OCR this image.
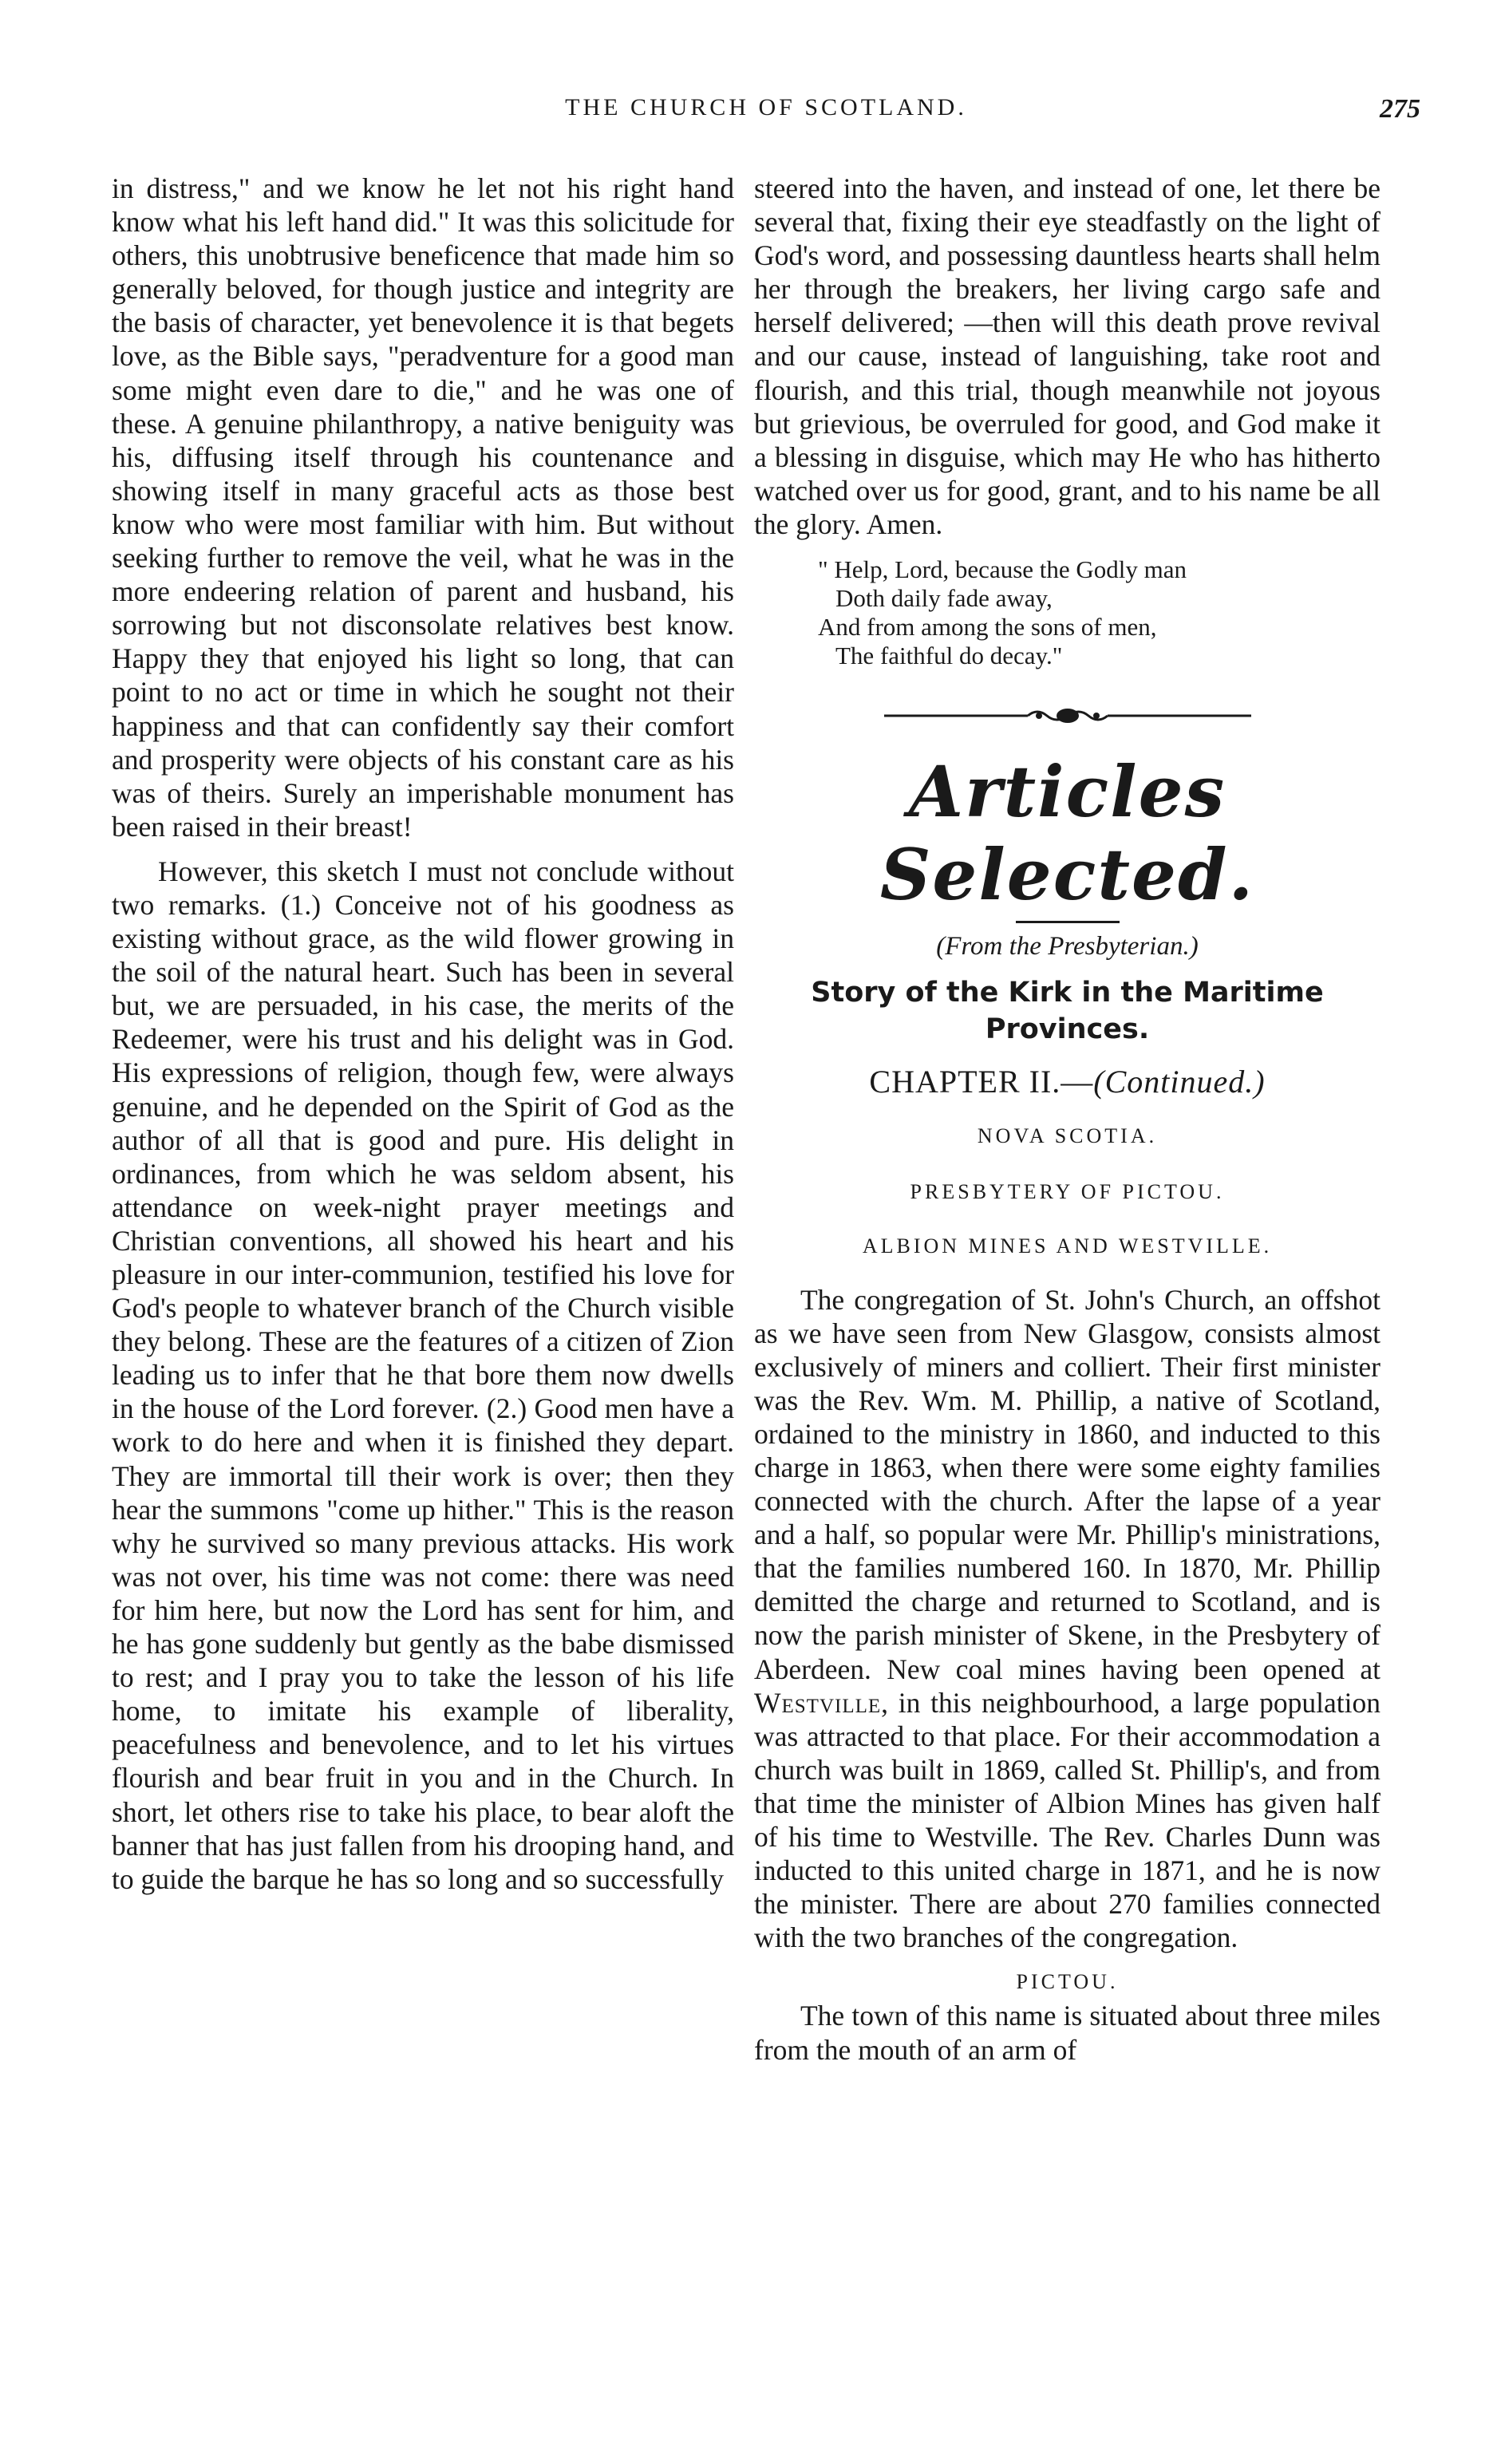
THE CHURCH OF SCOTLAND.	275

in distress," and we know he let not his right hand know what his left hand did." It was this solicitude for others, this unobtrusive beneficence that made him so generally beloved, for though justice and integrity are the basis of character, yet benevolence it is that begets love, as the Bible says, "peradventure for a good man some might even dare to die," and he was one of these. A genuine philanthropy, a native beniguity was his, diffusing itself through his countenance and showing itself in many graceful acts as those best know who were most familiar with him. But without seeking further to remove the veil, what he was in the more endeering relation of parent and husband, his sorrowing but not disconsolate relatives best know. Happy they that enjoyed his light so long, that can point to no act or time in which he sought not their happiness and that can confidently say their comfort and prosperity were objects of his constant care as his was of theirs. Surely an imperishable monument has been raised in their breast!

However, this sketch I must not conclude without two remarks. (1.) Conceive not of his goodness as existing without grace, as the wild flower growing in the soil of the natural heart. Such has been in several but, we are persuaded, in his case, the merits of the Redeemer, were his trust and his delight was in God. His expressions of religion, though few, were always genuine, and he depended on the Spirit of God as the author of all that is good and pure. His delight in ordinances, from which he was seldom absent, his attendance on week-night prayer meetings and Christian conventions, all showed his heart and his pleasure in our inter-communion, testified his love for God's people to whatever branch of the Church visible they belong. These are the features of a citizen of Zion leading us to infer that he that bore them now dwells in the house of the Lord forever. (2.) Good men have a work to do here and when it is finished they depart. They are immortal till their work is over; then they hear the summons "come up hither." This is the reason why he survived so many previous attacks. His work was not over, his time was not come: there was need for him here, but now the Lord has sent for him, and he has gone suddenly but gently as the babe dismissed to rest; and I pray you to take the lesson of his life home, to imitate his example of liberality, peacefulness and benevolence, and to let his virtues flourish and bear fruit in you and in the Church. In short, let others rise to take his place, to bear aloft the banner that has just fallen from his drooping hand, and to guide the barque he has so long and so successfully

steered into the haven, and instead of one, let there be several that, fixing their eye steadfastly on the light of God's word, and possessing dauntless hearts shall helm her through the breakers, her living cargo safe and herself delivered; —then will this death prove revival and our cause, instead of languishing, take root and flourish, and this trial, though meanwhile not joyous but grievious, be overruled for good, and God make it a blessing in disguise, which may He who has hitherto watched over us for good, grant, and to his name be all the glory. Amen.

" Help, Lord, because the Godly man
Doth daily fade away,
And from among the sons of men,
The faithful do decay."
Articles Selected.
(From the Presbyterian.)
Story of the Kirk in the Maritime
Provinces.
CHAPTER II.—(Continued.)
NOVA SCOTIA.
PRESBYTERY OF PICTOU.
ALBION MINES AND WESTVILLE.

The congregation of St. John's Church, an offshot as we have seen from New Glasgow, consists almost exclusively of miners and colliert. Their first minister was the Rev. Wm. M. Phillip, a native of Scotland, ordained to the ministry in 1860, and inducted to this charge in 1863, when there were some eighty families connected with the church. After the lapse of a year and a half, so popular were Mr. Phillip's ministrations, that the families numbered 160. In 1870, Mr. Phillip demitted the charge and returned to Scotland, and is now the parish minister of Skene, in the Presbytery of Aberdeen. New coal mines having been opened at Westville, in this neighbourhood, a large population was attracted to that place. For their accommodation a church was built in 1869, called St. Phillip's, and from that time the minister of Albion Mines has given half of his time to Westville. The Rev. Charles Dunn was inducted to this united charge in 1871, and he is now the minister. There are about 270 families connected with the two branches of the congregation.

PICTOU.

The town of this name is situated about three miles from the mouth of an arm of
